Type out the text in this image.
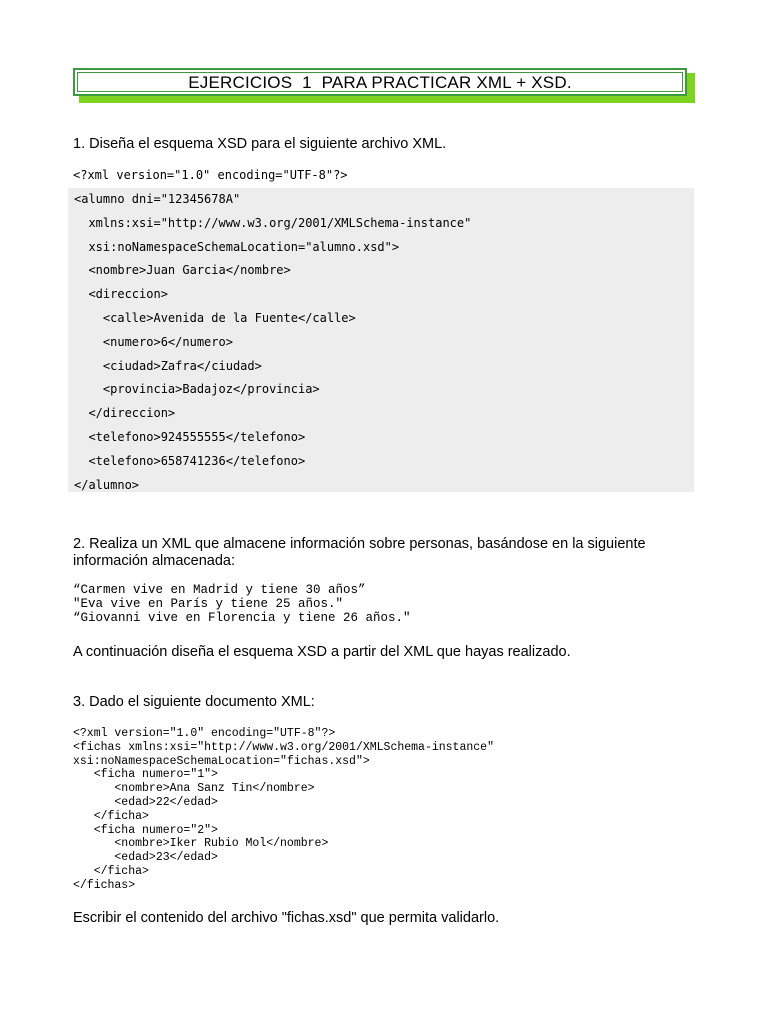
EJERCICIOS  1  PARA PRACTICAR XML + XSD.
1. Diseña el esquema XSD para el siguiente archivo XML.
<?xml version="1.0" encoding="UTF-8"?>
<alumno dni="12345678A"
xmlns:xsi="http://www.w3.org/2001/XMLSchema-instance"
xsi:noNamespaceSchemaLocation="alumno.xsd">
<nombre>Juan Garcia</nombre>
<direccion>
<calle>Avenida de la Fuente</calle>
<numero>6</numero>
<ciudad>Zafra</ciudad>
<provincia>Badajoz</provincia>
</direccion>
<telefono>924555555</telefono>
<telefono>658741236</telefono>
</alumno>
2. Realiza un XML que almacene información sobre personas, basándose en la siguiente
información almacenada:
“Carmen vive en Madrid y tiene 30 años”
"Eva vive en París y tiene 25 años."
“Giovanni vive en Florencia y tiene 26 años."
A continuación diseña el esquema XSD a partir del XML que hayas realizado.
3. Dado el siguiente documento XML:
<?xml version="1.0" encoding="UTF-8"?>
<fichas xmlns:xsi="http://www.w3.org/2001/XMLSchema-instance"
xsi:noNamespaceSchemaLocation="fichas.xsd">
<ficha numero="1">
<nombre>Ana Sanz Tin</nombre>
<edad>22</edad>
</ficha>
<ficha numero="2">
<nombre>Iker Rubio Mol</nombre>
<edad>23</edad>
</ficha>
</fichas>
Escribir el contenido del archivo "fichas.xsd" que permita validarlo.
